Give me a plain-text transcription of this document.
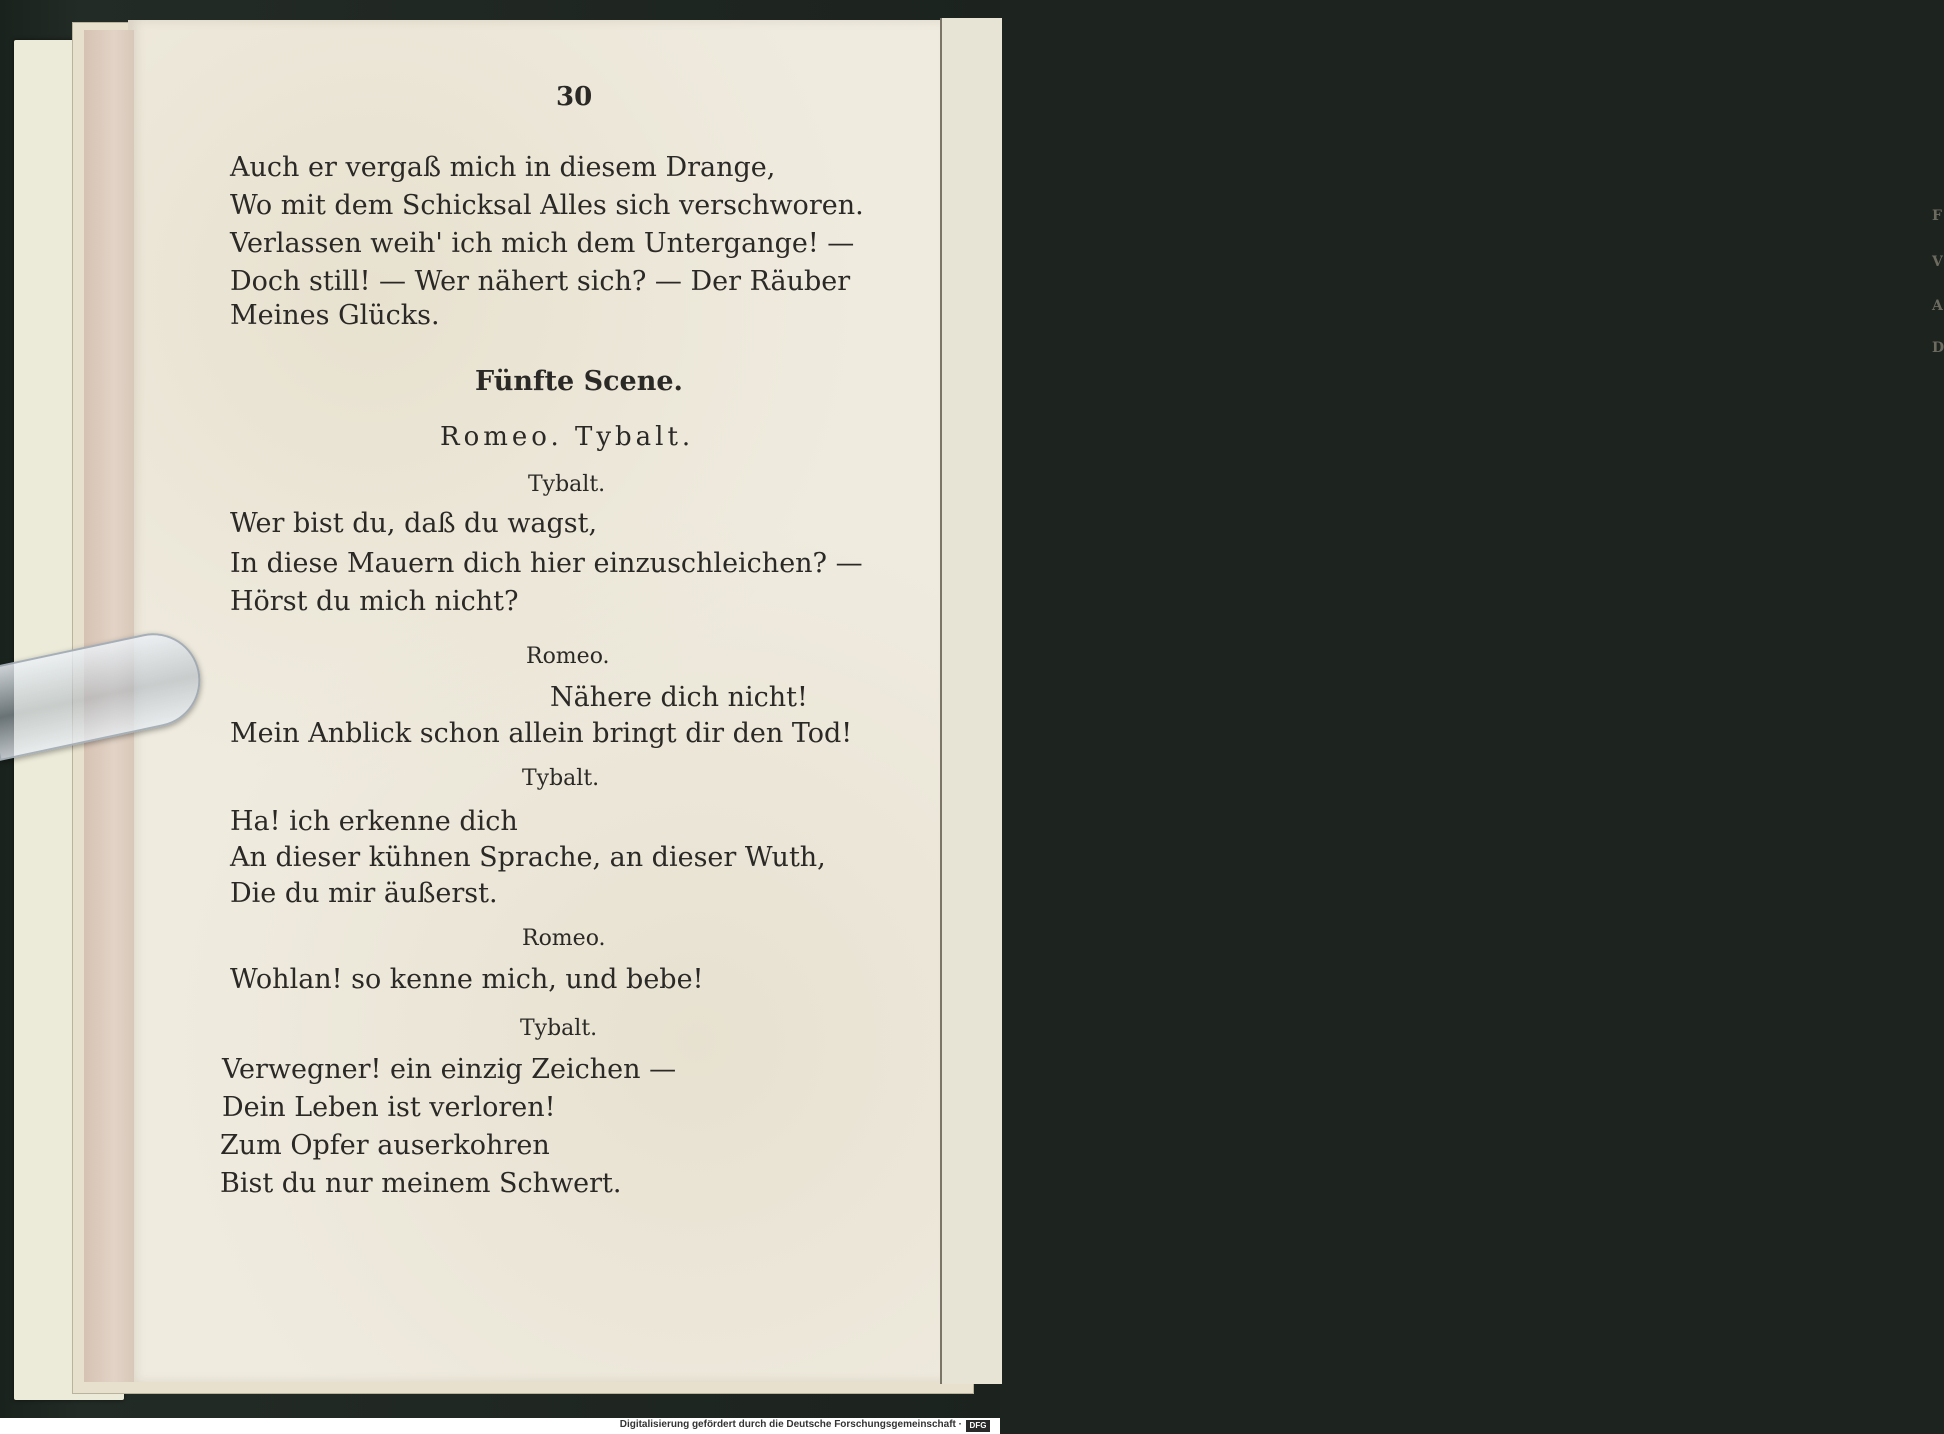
F
V
A
D
30
Auch er vergaß mich in diesem Drange,
Wo mit dem Schicksal Alles sich verschworen.
Verlassen weih' ich mich dem Untergange! —
Doch still! — Wer nähert sich? — Der Räuber
Meines Glücks.
Wer bist du, daß du wagst,
In diese Mauern dich hier einzuschleichen? —
Hörst du mich nicht?
Nähere dich nicht!
Mein Anblick schon allein bringt dir den Tod!
Ha! ich erkenne dich
An dieser kühnen Sprache, an dieser Wuth,
Die du mir äußerst.
Wohlan! so kenne mich, und bebe!
Verwegner! ein einzig Zeichen —
Dein Leben ist verloren!
Zum Opfer auserkohren
Bist du nur meinem Schwert.
Fünfte Scene.
Romeo. Tybalt.
Tybalt.
Romeo.
Tybalt.
Romeo.
Tybalt.
Digitalisierung gefördert durch die Deutsche Forschungsgemeinschaft · DFG
